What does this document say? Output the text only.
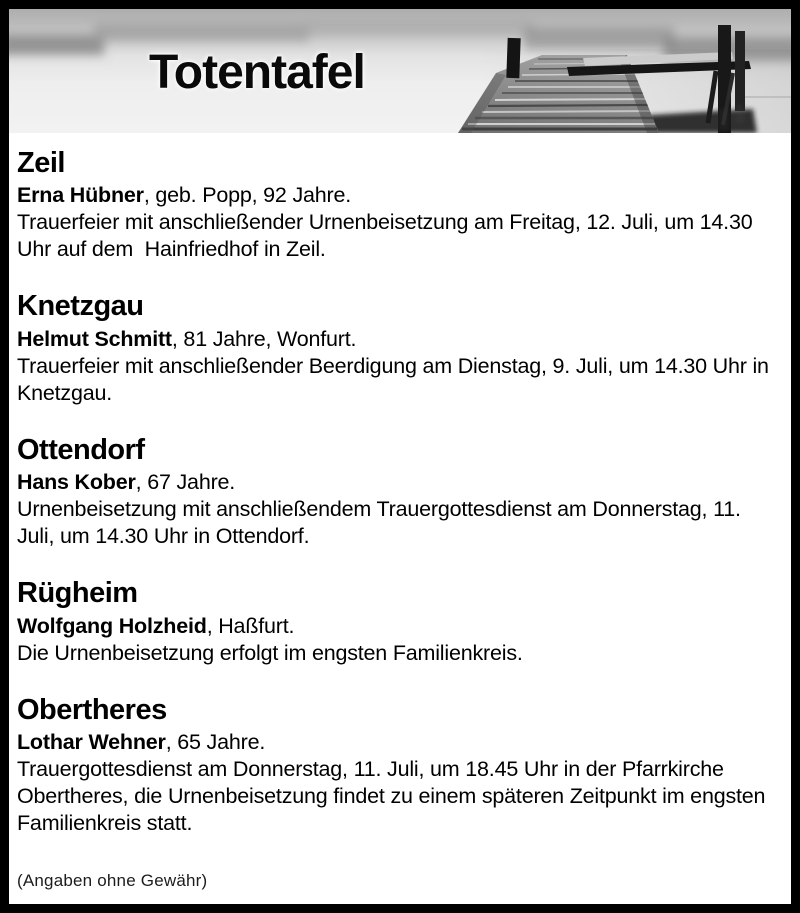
Totentafel
Zeil

Erna Hübner, geb. Popp, 92 Jahre.

Trauerfeier mit anschließender Urnenbeisetzung am Freitag, 12. Juli, um 14.30 Uhr auf dem  Hainfriedhof in Zeil.

Knetzgau

Helmut Schmitt, 81 Jahre, Wonfurt.

Trauerfeier mit anschließender Beerdigung am Dienstag, 9. Juli, um 14.30 Uhr in Knetzgau.

Ottendorf

Hans Kober, 67 Jahre.

Urnenbeisetzung mit anschließendem Trauergottesdienst am Donnerstag, 11. Juli, um 14.30 Uhr in Ottendorf.

Rügheim

Wolfgang Holzheid, Haßfurt.

Die Urnenbeisetzung erfolgt im engsten Familienkreis.

Obertheres

Lothar Wehner, 65 Jahre.

Trauergottesdienst am Donnerstag, 11. Juli, um 18.45 Uhr in der Pfarrkirche Obertheres, die Urnenbeisetzung findet zu einem späteren Zeitpunkt im engsten Familienkreis statt.

(Angaben ohne Gewähr)
